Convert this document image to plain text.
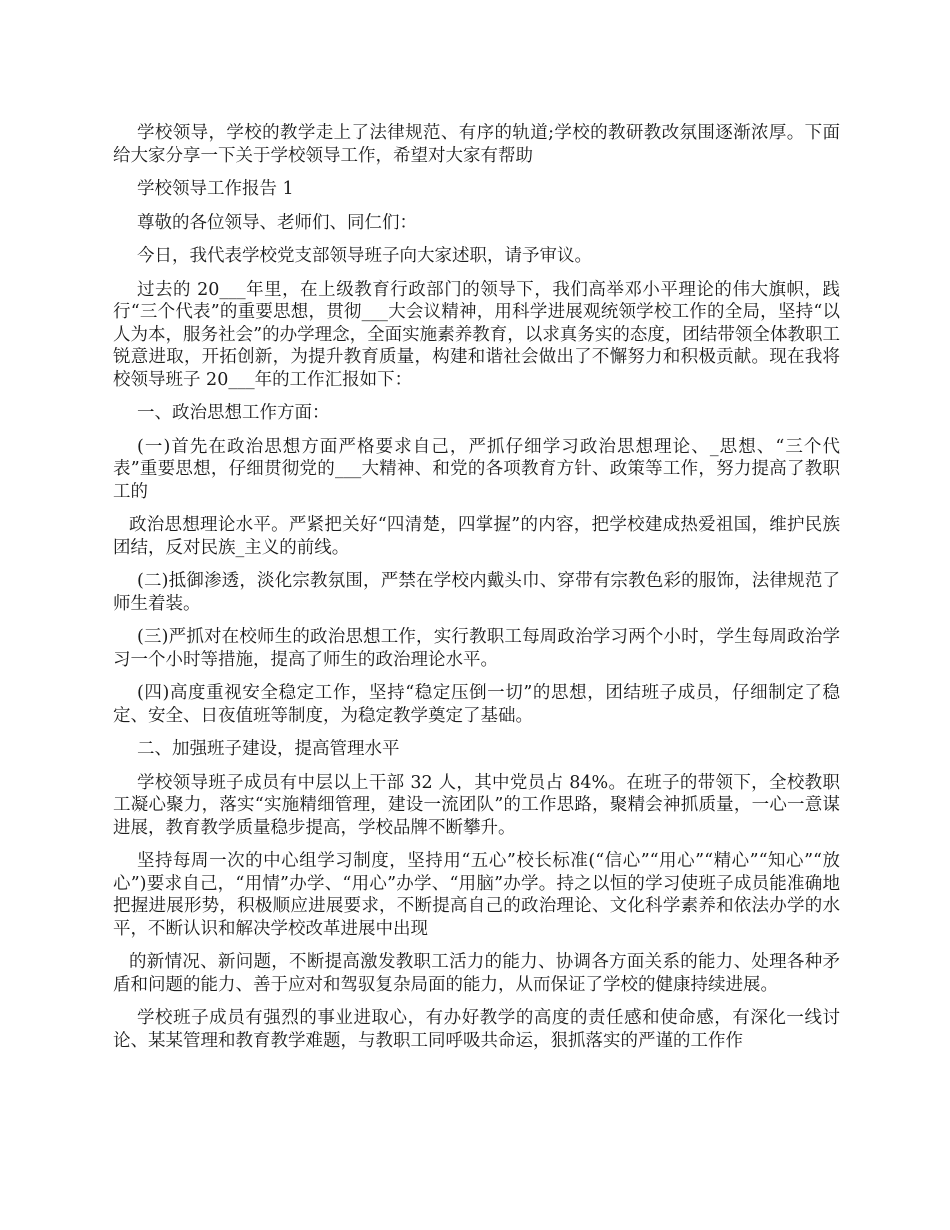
学校领导，学校的教学走上了法律规范、有序的轨道;学校的教研教改氛围逐渐浓厚。下面给大家分享一下关于学校领导工作，希望对大家有帮助

学校领导工作报告 1

尊敬的各位领导、老师们、同仁们：

今日，我代表学校党支部领导班子向大家述职，请予审议。

过去的 20___年里，在上级教育行政部门的领导下，我们高举邓小平理论的伟大旗帜，践行“三个代表”的重要思想，贯彻___大会议精神，用科学进展观统领学校工作的全局，坚持“以人为本，服务社会”的办学理念，全面实施素养教育，以求真务实的态度，团结带领全体教职工锐意进取，开拓创新，为提升教育质量，构建和谐社会做出了不懈努力和积极贡献。现在我将校领导班子 20___年的工作汇报如下：

一、政治思想工作方面：

(一)首先在政治思想方面严格要求自己，严抓仔细学习政治思想理论、_思想、“三个代表”重要思想，仔细贯彻党的___大精神、和党的各项教育方针、政策等工作，努力提高了教职工的

政治思想理论水平。严紧把关好“四清楚，四掌握”的内容，把学校建成热爱祖国，维护民族团结，反对民族_主义的前线。

(二)抵御渗透，淡化宗教氛围，严禁在学校内戴头巾、穿带有宗教色彩的服饰，法律规范了师生着装。

(三)严抓对在校师生的政治思想工作，实行教职工每周政治学习两个小时，学生每周政治学习一个小时等措施，提高了师生的政治理论水平。

(四)高度重视安全稳定工作，坚持“稳定压倒一切”的思想，团结班子成员，仔细制定了稳定、安全、日夜值班等制度，为稳定教学奠定了基础。

二、加强班子建设，提高管理水平

学校领导班子成员有中层以上干部 32 人，其中党员占 84%。在班子的带领下，全校教职工凝心聚力，落实“实施精细管理，建设一流团队”的工作思路，聚精会神抓质量，一心一意谋进展，教育教学质量稳步提高，学校品牌不断攀升。

坚持每周一次的中心组学习制度，坚持用“五心”校长标准(“信心”“用心”“精心”“知心”“放心”)要求自己，“用情”办学、“用心”办学、“用脑”办学。持之以恒的学习使班子成员能准确地把握进展形势，积极顺应进展要求，不断提高自己的政治理论、文化科学素养和依法办学的水平，不断认识和解决学校改革进展中出现

的新情况、新问题，不断提高激发教职工活力的能力、协调各方面关系的能力、处理各种矛盾和问题的能力、善于应对和驾驭复杂局面的能力，从而保证了学校的健康持续进展。

学校班子成员有强烈的事业进取心，有办好教学的高度的责任感和使命感，有深化一线讨论、某某管理和教育教学难题，与教职工同呼吸共命运，狠抓落实的严谨的工作作
